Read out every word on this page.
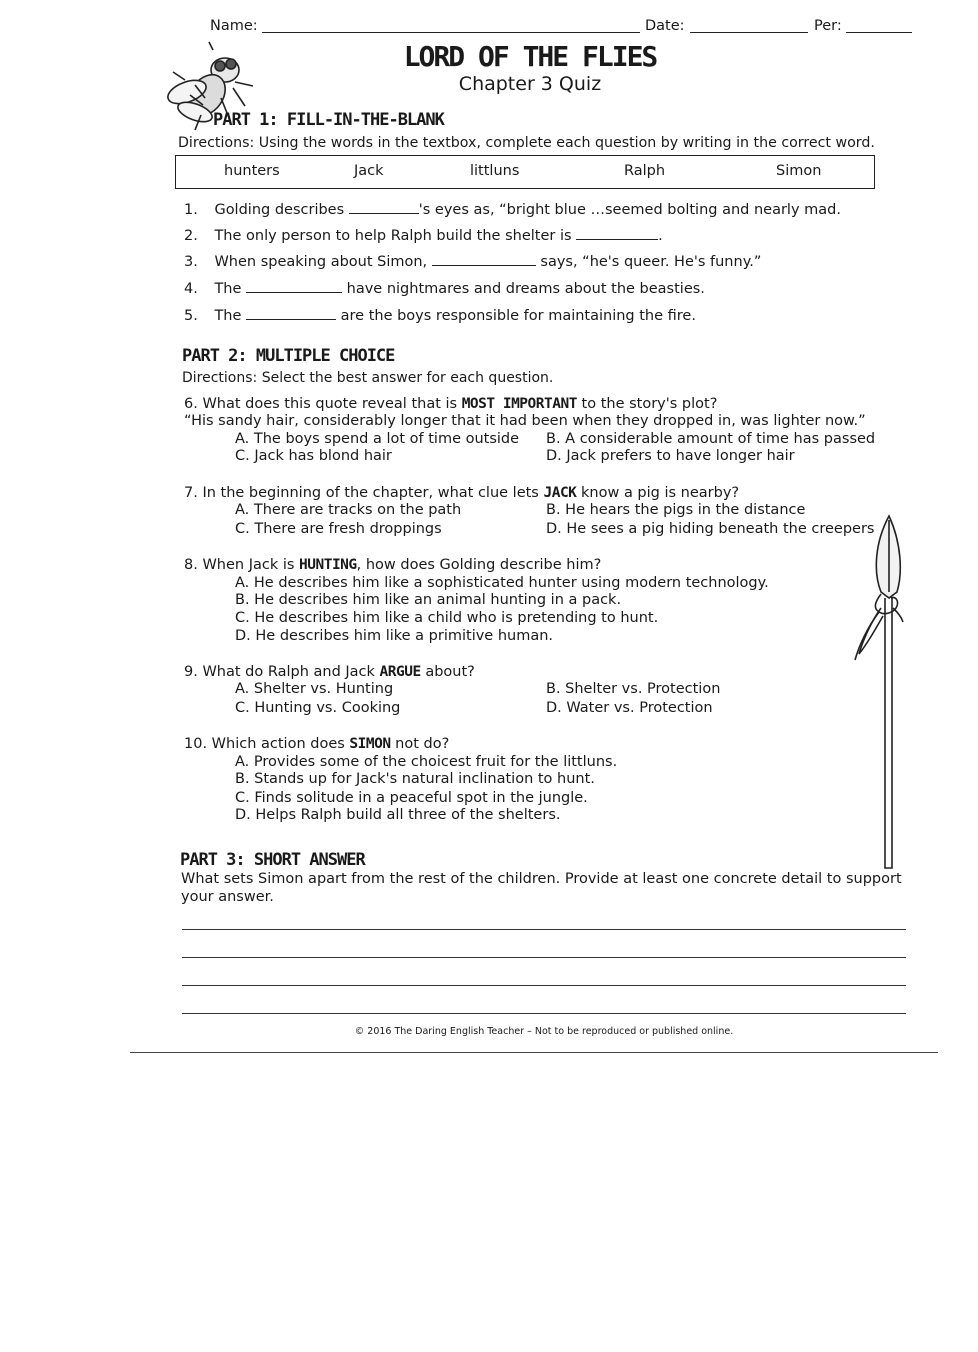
Name:	Date:	Per:
LORD OF THE FLIES
Chapter 3 Quiz
PART 1: FILL-IN-THE-BLANK
Directions: Using the words in the textbox, complete each question by writing in the correct word.
hunters	Jack	littluns	Ralph	Simon
1. Golding describes	's eyes as, “bright blue …seemed bolting and nearly mad.
2. The only person to help Ralph build the shelter is	.
3. When speaking about Simon,	says, “he's queer. He's funny.”
4. The	have nightmares and dreams about the beasties.
5. The	are the boys responsible for maintaining the fire.
PART 2: MULTIPLE CHOICE
Directions: Select the best answer for each question.
6. What does this quote reveal that is MOST IMPORTANT to the story's plot?
“His sandy hair, considerably longer that it had been when they dropped in, was lighter now.”
A. The boys spend a lot of time outside B. A considerable amount of time has passed
C. Jack has blond hair	D. Jack prefers to have longer hair
7. In the beginning of the chapter, what clue lets JACK know a pig is nearby?
A. There are tracks on the path	B. He hears the pigs in the distance
C. There are fresh droppings	D. He sees a pig hiding beneath the creepers
8. When Jack is HUNTING, how does Golding describe him?
A. He describes him like a sophisticated hunter using modern technology.
B. He describes him like an animal hunting in a pack.
C. He describes him like a child who is pretending to hunt.
D. He describes him like a primitive human.
9. What do Ralph and Jack ARGUE about?
A. Shelter vs. Hunting	B. Shelter vs. Protection
C. Hunting vs. Cooking	D. Water vs. Protection
10. Which action does SIMON not do?
A. Provides some of the choicest fruit for the littluns.
B. Stands up for Jack's natural inclination to hunt.
C. Finds solitude in a peaceful spot in the jungle.
D. Helps Ralph build all three of the shelters.
PART 3: SHORT ANSWER
What sets Simon apart from the rest of the children. Provide at least one concrete detail to support
your answer.
© 2016 The Daring English Teacher – Not to be reproduced or published online.
